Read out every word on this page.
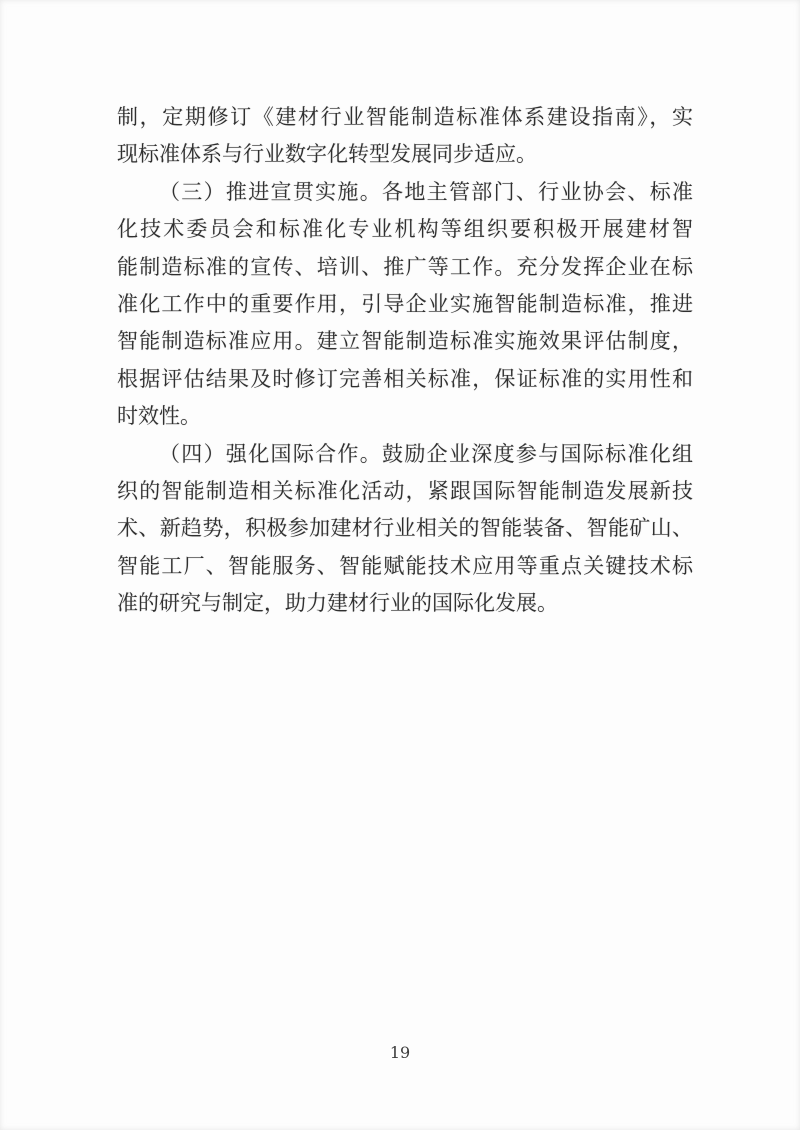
制，定期修订《建材行业智能制造标准体系建设指南》，实
现标准体系与行业数字化转型发展同步适应。
（三）推进宣贯实施。各地主管部门、行业协会、标准
化技术委员会和标准化专业机构等组织要积极开展建材智
能制造标准的宣传、培训、推广等工作。充分发挥企业在标
准化工作中的重要作用，引导企业实施智能制造标准，推进
智能制造标准应用。建立智能制造标准实施效果评估制度，
根据评估结果及时修订完善相关标准，保证标准的实用性和
时效性。
（四）强化国际合作。鼓励企业深度参与国际标准化组
织的智能制造相关标准化活动，紧跟国际智能制造发展新技
术、新趋势，积极参加建材行业相关的智能装备、智能矿山、
智能工厂、智能服务、智能赋能技术应用等重点关键技术标
准的研究与制定，助力建材行业的国际化发展。
19
